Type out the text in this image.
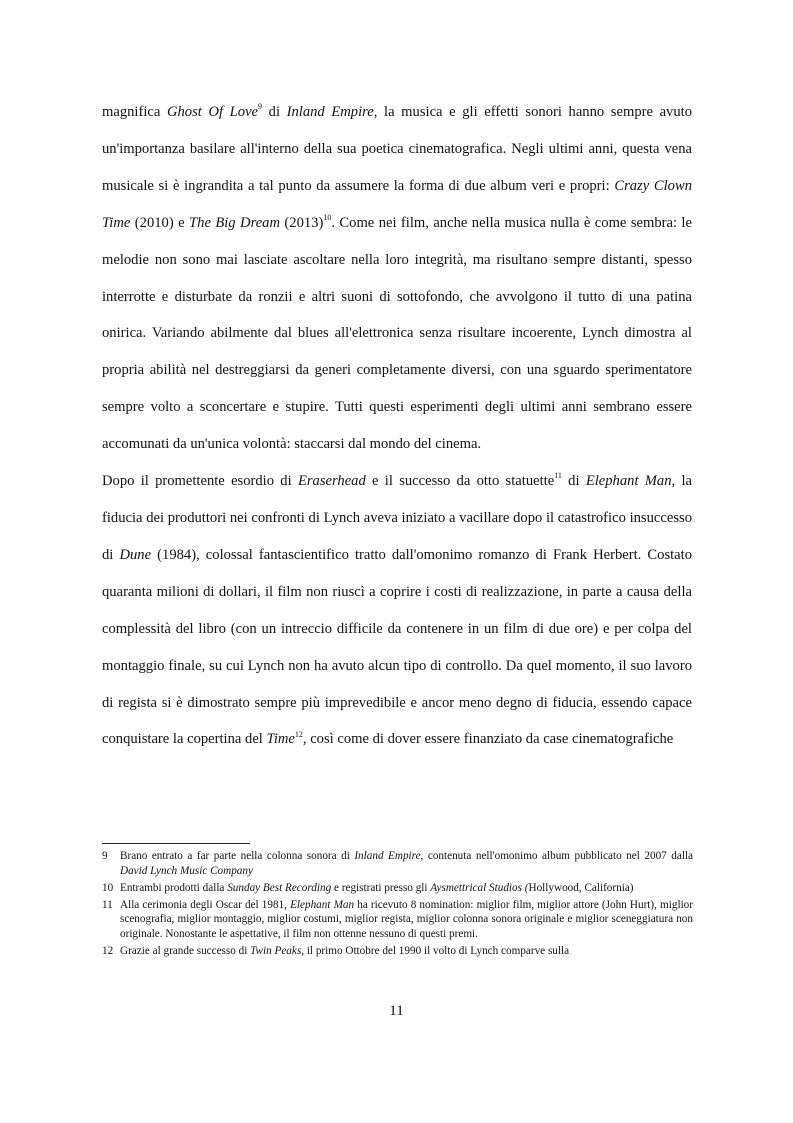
magnifica Ghost Of Love$^9$ di Inland Empire, la musica e gli effetti sonori hanno sempre avuto un'importanza basilare all'interno della sua poetica cinematografica. Negli ultimi anni, questa vena musicale si è ingrandita a tal punto da assumere la forma di due album veri e propri: Crazy Clown Time (2010) e The Big Dream $(2013)^{10}$. Come nei film, anche nella musica nulla è come sembra: le melodie non sono mai lasciate ascoltare nella loro integrità, ma risultano sempre distanti, spesso interrotte e disturbate da ronzii e altri suoni di sottofondo, che avvolgono il tutto di una patina onirica. Variando abilmente dal blues all'elettronica senza risultare incoerente, Lynch dimostra al propria abilità nel destreggiarsi da generi completamente diversi, con una sguardo sperimentatore sempre volto a sconcertare e stupire. Tutti questi esperimenti degli ultimi anni sembrano essere accomunati da un'unica volontà: staccarsi dal mondo del cinema.

Dopo il promettente esordio di Eraserhead e il successo da otto statuette$^{11}$ di Elephant Man, la fiducia dei produttori nei confronti di Lynch aveva iniziato a vacillare dopo il catastrofico insuccesso di Dune (1984), colossal fantascientifico tratto dall'omonimo romanzo di Frank Herbert. Costato quaranta milioni di dollari, il film non riuscì a coprire i costi di realizzazione, in parte a causa della complessità del libro (con un intreccio difficile da contenere in un film di due ore) e per colpa del montaggio finale, su cui Lynch non ha avuto alcun tipo di controllo. Da quel momento, il suo lavoro di regista si è dimostrato sempre più imprevedibile e ancor meno degno di fiducia, essendo capace conquistare la copertina del Time$^{12}$, così come di dover essere finanziato da case cinematografiche

9	Brano entrato a far parte nella colonna sonora di Inland Empire, contenuta nell'omonimo album pubblicato nel 2007 dalla David Lynch Music Company
10 Entrambi prodotti dalla Sunday Best Recording e registrati presso gli Aysmettrical Studios (Hollywood, California)
11 Alla cerimonia degli Oscar del 1981, Elephant Man ha ricevuto 8 nomination: miglior film, miglior attore (John Hurt), miglior scenografia, miglior montaggio, miglior costumi, miglior regista, miglior colonna sonora originale e miglior sceneggiatura non originale. Nonostante le aspettative, il film non ottenne nessuno di questi premi.
12 Grazie al grande successo di Twin Peaks, il primo Ottobre del 1990 il volto di Lynch comparve sulla
11
